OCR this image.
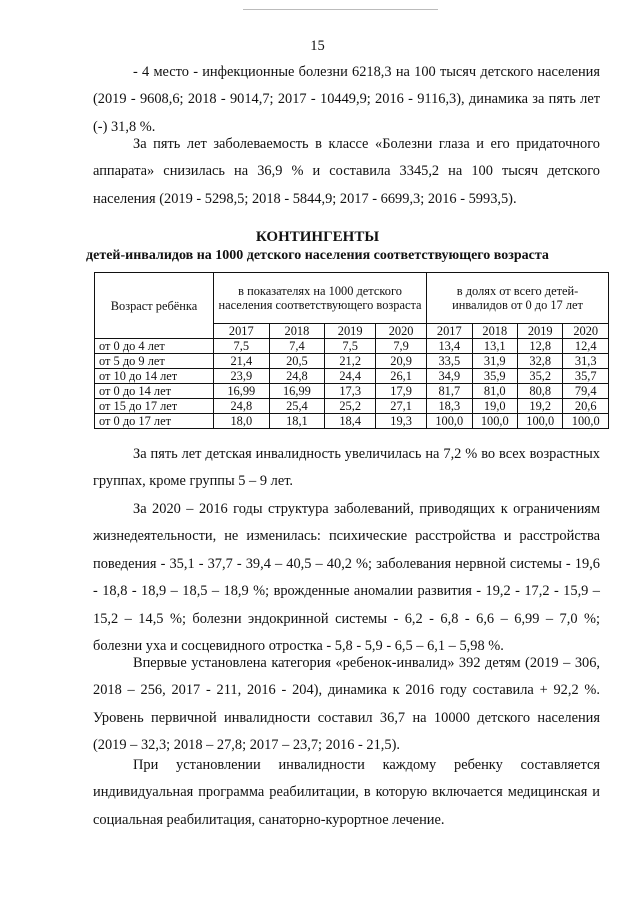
15

- 4 место - инфекционные болезни 6218,3 на 100 тысяч детского населения (2019 - 9608,6; 2018 - 9014,7; 2017 - 10449,9; 2016 - 9116,3), динамика за пять лет (-) 31,8 %.

За пять лет заболеваемость в классе «Болезни глаза и его придаточного аппарата» снизилась на 36,9 % и составила 3345,2 на 100 тысяч детского населения (2019 - 5298,5; 2018 - 5844,9; 2017 - 6699,3; 2016 - 5993,5).

КОНТИНГЕНТЫ
детей-инвалидов на 1000 детского населения соответствующего возраста
Возраст ребёнка	в показателях на 1000 детского населения соответствующего возраста				в долях от всего детей-инвалидов от 0 до 17 лет			
	2017	2018	2019	2020	2017	2018	2019	2020
от 0 до 4 лет	7,5	7,4	7,5	7,9	13,4	13,1	12,8	12,4
от 5 до 9 лет	21,4	20,5	21,2	20,9	33,5	31,9	32,8	31,3
от 10 до 14 лет	23,9	24,8	24,4	26,1	34,9	35,9	35,2	35,7
от 0 до 14 лет	16,99	16,99	17,3	17,9	81,7	81,0	80,8	79,4
от 15 до 17 лет	24,8	25,4	25,2	27,1	18,3	19,0	19,2	20,6
от 0 до 17 лет	18,0	18,1	18,4	19,3	100,0	100,0	100,0	100,0

За пять лет детская инвалидность увеличилась на 7,2 % во всех возрастных группах, кроме группы 5 – 9 лет.

За 2020 – 2016 годы структура заболеваний, приводящих к ограничениям жизнедеятельности, не изменилась: психические расстройства и расстройства поведения - 35,1 - 37,7 - 39,4 – 40,5 – 40,2 %; заболевания нервной системы - 19,6 - 18,8 - 18,9 – 18,5 – 18,9 %; врожденные аномалии развития - 19,2 - 17,2 - 15,9 – 15,2 – 14,5 %; болезни эндокринной системы - 6,2 - 6,8 - 6,6 – 6,99 – 7,0 %; болезни уха и сосцевидного отростка - 5,8 - 5,9 - 6,5 – 6,1 – 5,98 %.

Впервые установлена категория «ребенок-инвалид» 392 детям (2019 – 306, 2018 – 256, 2017 - 211, 2016 - 204), динамика к 2016 году составила + 92,2 %. Уровень первичной инвалидности составил 36,7 на 10000 детского населения (2019 – 32,3; 2018 – 27,8; 2017 – 23,7; 2016 - 21,5).

При установлении инвалидности каждому ребенку составляется индивидуальная программа реабилитации, в которую включается медицинская и социальная реабилитация, санаторно-курортное лечение.
